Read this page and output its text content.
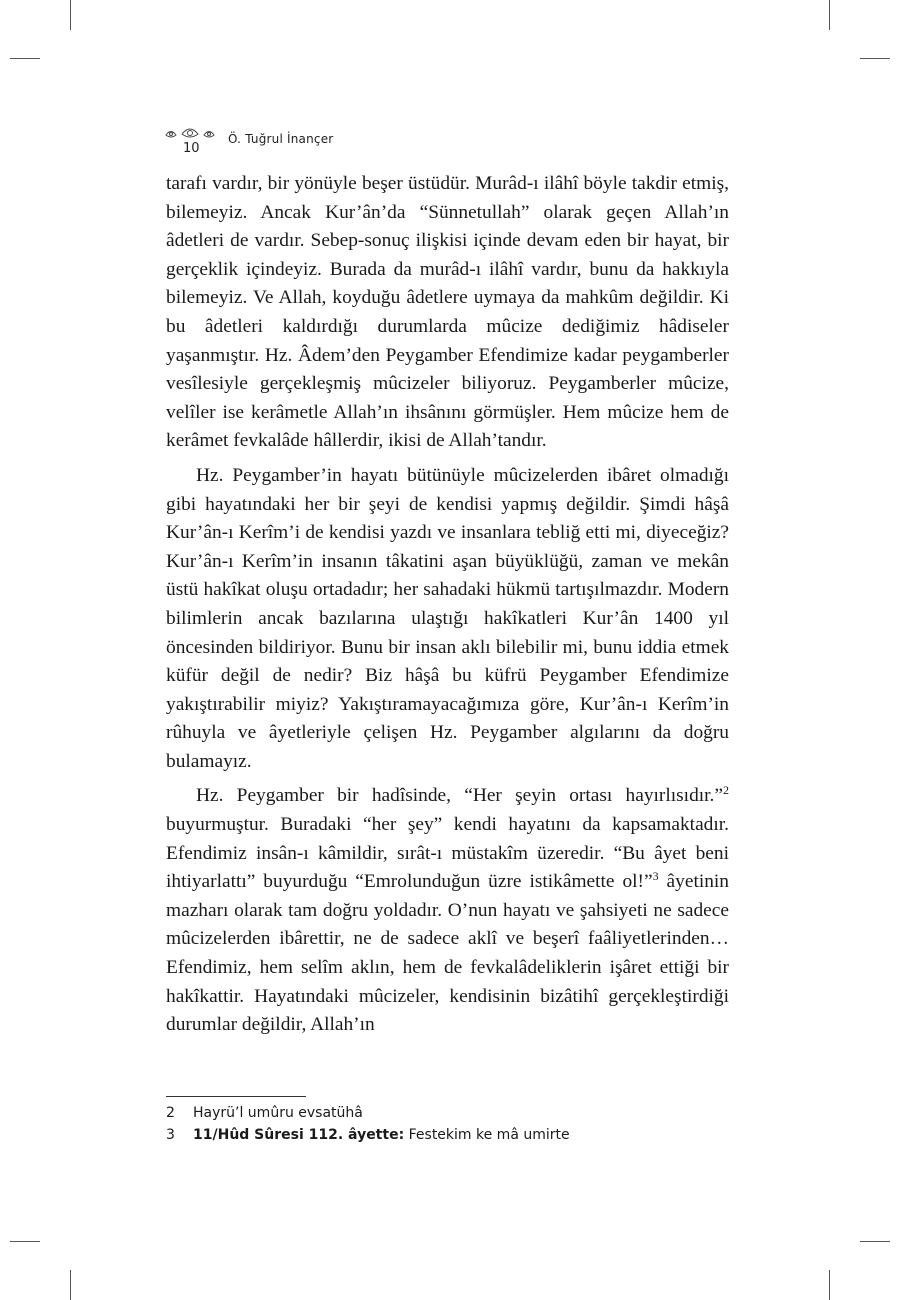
10
Ö. Tuğrul İnançer

tarafı vardır, bir yönüyle beşer üstüdür. Murâd-ı ilâhî böyle takdir etmiş, bilemeyiz. Ancak Kur’ân’da “Sünnetullah” olarak geçen Allah’ın âdetleri de vardır. Sebep-sonuç ilişkisi içinde devam eden bir hayat, bir gerçeklik içindeyiz. Burada da murâd-ı ilâhî vardır, bunu da hakkıyla bilemeyiz. Ve Allah, koyduğu âdetlere uymaya da mahkûm değildir. Ki bu âdetleri kaldırdığı durumlarda mûcize dediğimiz hâdiseler yaşanmıştır. Hz. Âdem’den Peygamber Efendimize kadar peygamberler vesîlesiyle gerçekleşmiş mûcizeler biliyoruz. Peygamberler mûcize, velîler ise kerâmetle Allah’ın ihsânını görmüşler. Hem mûcize hem de kerâmet fevkalâde hâllerdir, ikisi de Allah’tandır.

Hz. Peygamber’in hayatı bütünüyle mûcizelerden ibâret olmadığı gibi hayatındaki her bir şeyi de kendisi yapmış değildir. Şimdi hâşâ Kur’ân-ı Kerîm’i de kendisi yazdı ve insanlara tebliğ etti mi, diyeceğiz? Kur’ân-ı Kerîm’in insanın tâkatini aşan büyüklüğü, zaman ve mekân üstü hakîkat oluşu ortadadır; her sahadaki hükmü tartışılmazdır. Modern bilimlerin ancak bazılarına ulaştığı hakîkatleri Kur’ân 1400 yıl öncesinden bildiriyor. Bunu bir insan aklı bilebilir mi, bunu iddia etmek küfür değil de nedir? Biz hâşâ bu küfrü Peygamber Efendimize yakıştırabilir miyiz? Yakıştıramayacağımıza göre, Kur’ân-ı Kerîm’in rûhuyla ve âyetleriyle çelişen Hz. Peygamber algılarını da doğru bulamayız.

Hz. Peygamber bir hadîsinde, “Her şeyin ortası hayırlısıdır.”$^2$ buyurmuştur. Buradaki “her şey” kendi hayatını da kapsamaktadır. Efendimiz insân-ı kâmildir, sırât-ı müstakîm üzeredir. “Bu âyet beni ihtiyarlattı” buyurduğu “Emrolunduğun üzre istikâmette ol!”$^3$ âyetinin mazharı olarak tam doğru yoldadır. O’nun hayatı ve şahsiyeti ne sadece mûcizelerden ibârettir, ne de sadece aklî ve beşerî faâliyetlerinden… Efendimiz, hem selîm aklın, hem de fevkalâdeliklerin işâret ettiği bir hakîkattir. Hayatındaki mûcizeler, kendisinin bizâtihî gerçekleştirdiği durumlar değildir, Allah’ın

2	Hayrü’l umûru evsatühâ
3	11/Hûd Sûresi 112. âyette: Festekim ke mâ umirte
